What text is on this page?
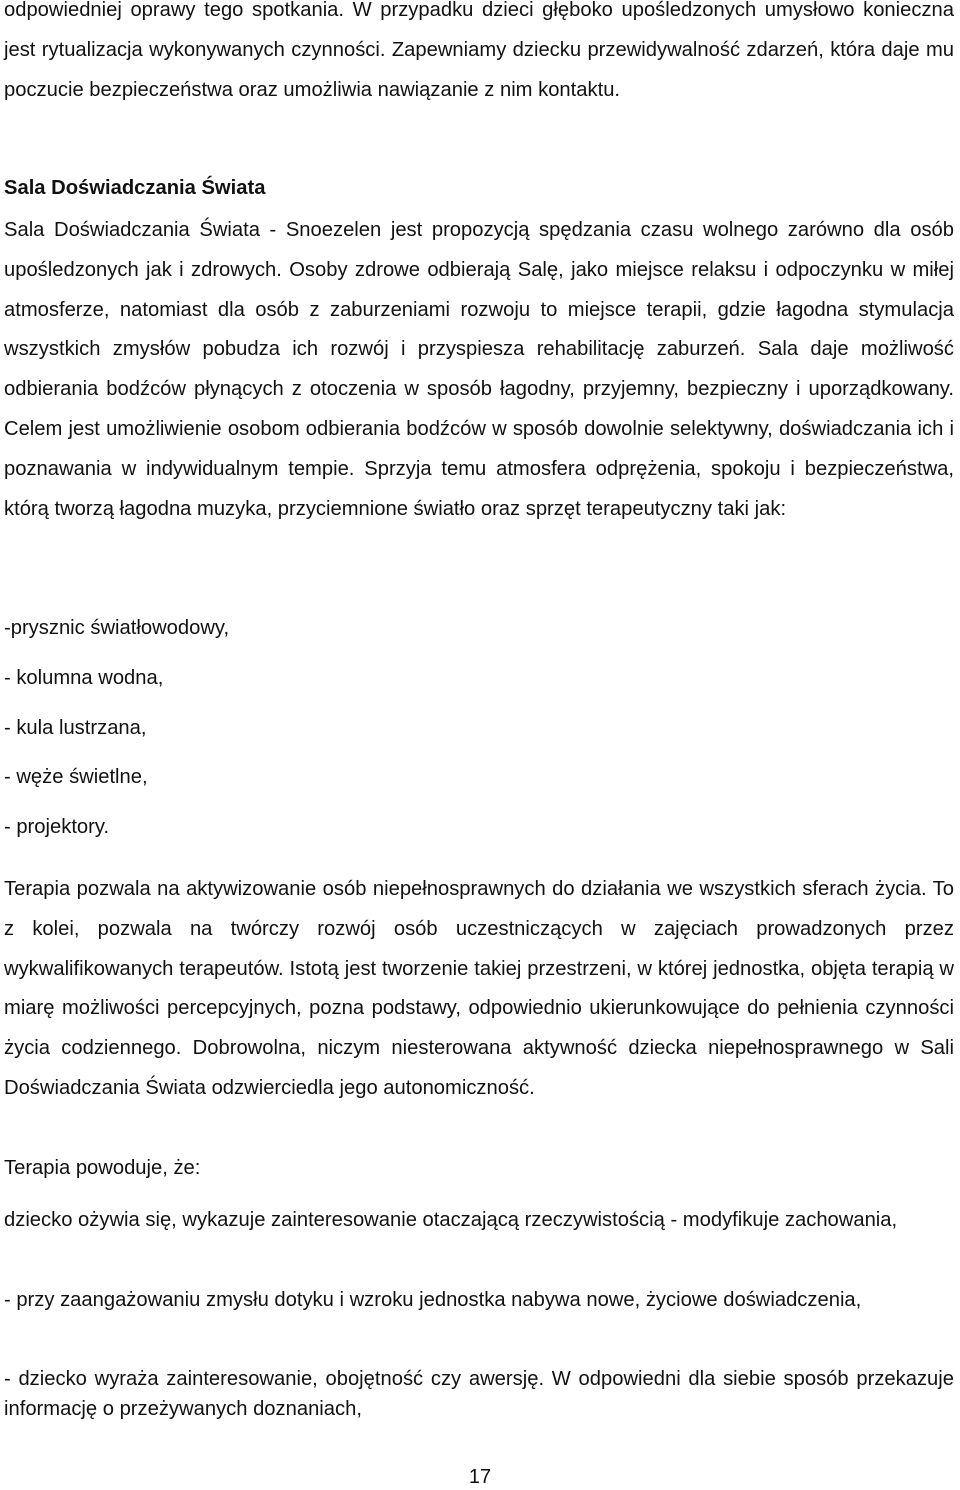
odpowiedniej oprawy tego spotkania. W przypadku dzieci głęboko upośledzonych umysłowo konieczna jest rytualizacja wykonywanych czynności. Zapewniamy dziecku przewidywalność zdarzeń, która daje mu poczucie bezpieczeństwa oraz umożliwia nawiązanie z nim kontaktu.

Sala Doświadczania Świata

Sala Doświadczania Świata - Snoezelen jest propozycją spędzania czasu wolnego zarówno dla osób upośledzonych jak i zdrowych. Osoby zdrowe odbierają Salę, jako miejsce relaksu i odpoczynku w miłej atmosferze, natomiast dla osób z zaburzeniami rozwoju to miejsce terapii, gdzie łagodna stymulacja wszystkich zmysłów pobudza ich rozwój i przyspiesza rehabilitację zaburzeń. Sala daje możliwość odbierania bodźców płynących z otoczenia w sposób łagodny, przyjemny, bezpieczny i uporządkowany. Celem jest umożliwienie osobom odbierania bodźców w sposób dowolnie selektywny, doświadczania ich i poznawania w indywidualnym tempie. Sprzyja temu atmosfera odprężenia, spokoju i bezpieczeństwa, którą tworzą łagodna muzyka, przyciemnione światło oraz sprzęt terapeutyczny taki jak:

-prysznic światłowodowy,

- kolumna wodna,

- kula lustrzana,

- węże świetlne,

- projektory.

Terapia pozwala na aktywizowanie osób niepełnosprawnych do działania we wszystkich sferach życia. To z kolei, pozwala na twórczy rozwój osób uczestniczących w zajęciach prowadzonych przez wykwalifikowanych terapeutów. Istotą jest tworzenie takiej przestrzeni, w której jednostka, objęta terapią w miarę możliwości percepcyjnych, pozna podstawy, odpowiednio ukierunkowujące do pełnienia czynności życia codziennego. Dobrowolna, niczym niesterowana aktywność dziecka niepełnosprawnego w Sali Doświadczania Świata odzwierciedla jego autonomiczność.

Terapia powoduje, że:

dziecko ożywia się, wykazuje zainteresowanie otaczającą rzeczywistością - modyfikuje zachowania,

- przy zaangażowaniu zmysłu dotyku i wzroku jednostka nabywa nowe, życiowe doświadczenia,

- dziecko wyraża zainteresowanie, obojętność czy awersję. W odpowiedni dla siebie sposób przekazuje informację o przeżywanych doznaniach,

17
